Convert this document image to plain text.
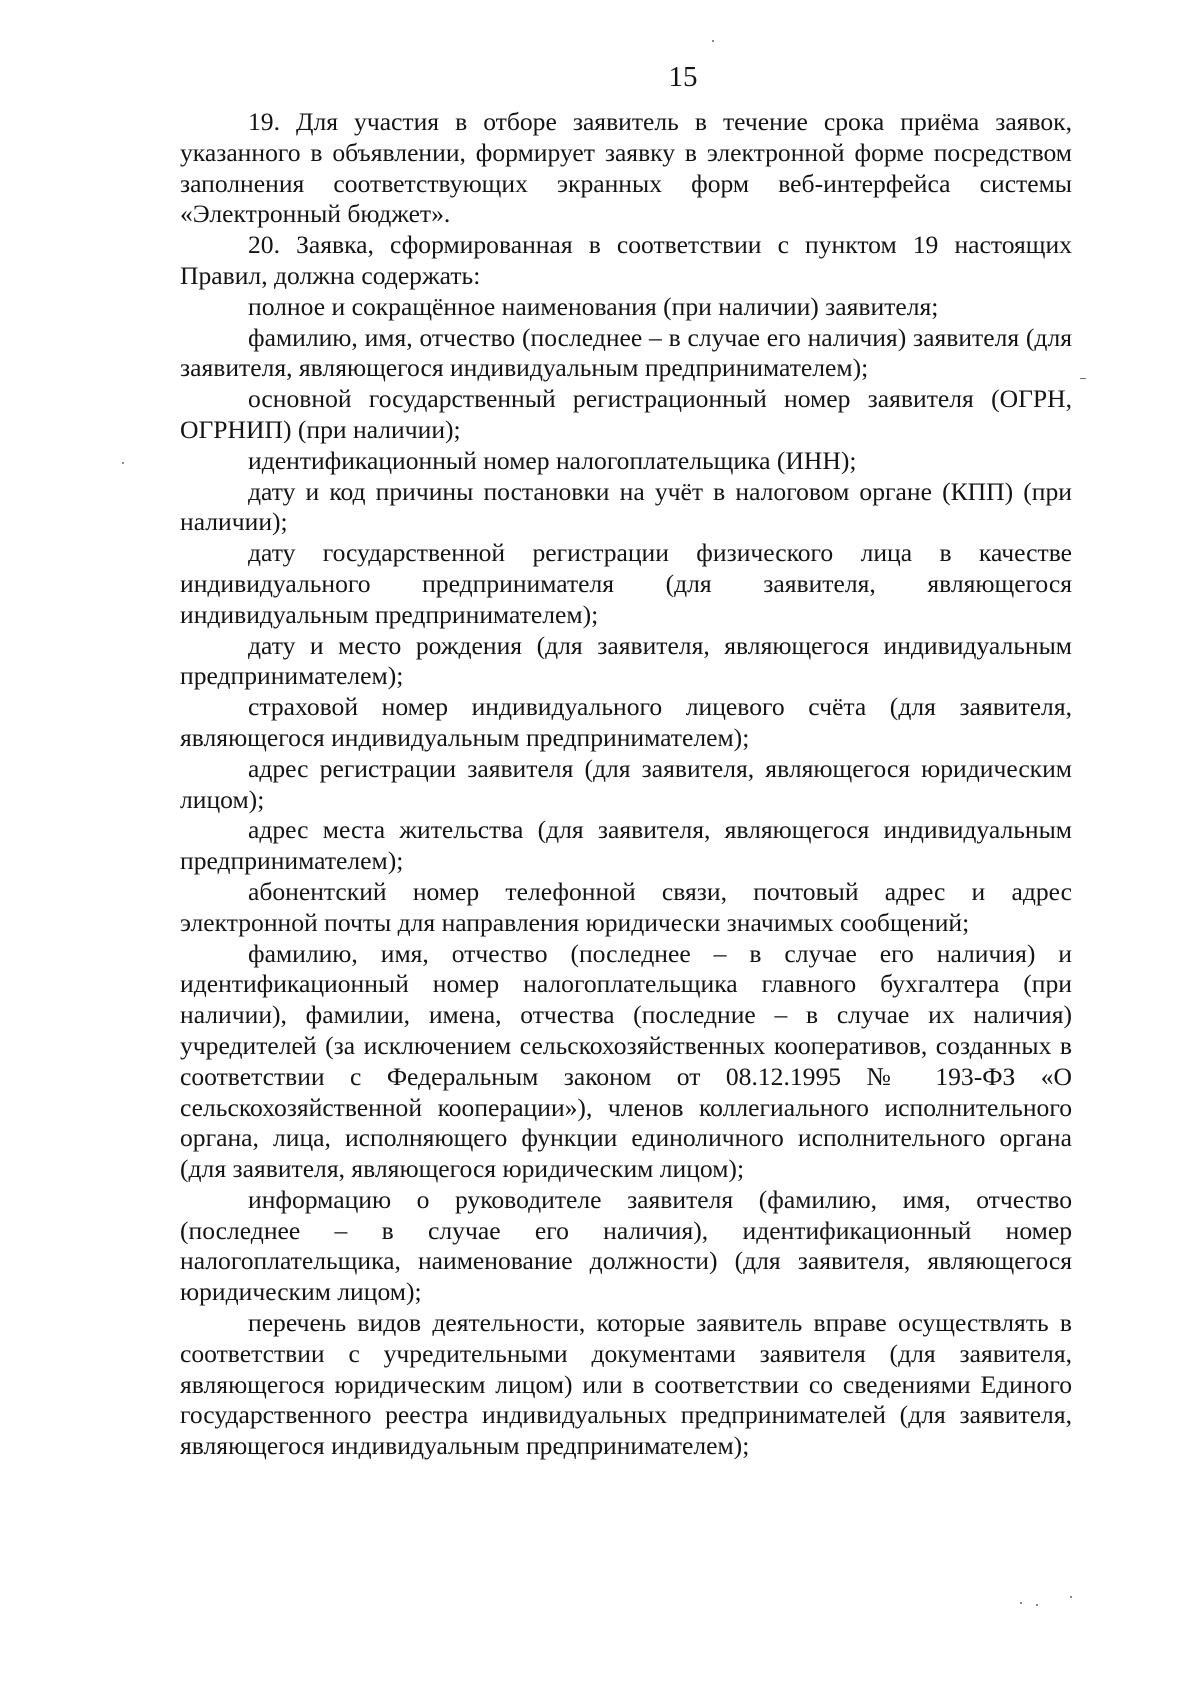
15

19. Для участия в отборе заявитель в течение срока приёма заявок, указанного в объявлении, формирует заявку в электронной форме посредством заполнения соответствующих экранных форм веб-интерфейса системы «Электронный бюджет».

20. Заявка, сформированная в соответствии с пунктом 19 настоящих Правил, должна содержать:

полное и сокращённое наименования (при наличии) заявителя;

фамилию, имя, отчество (последнее – в случае его наличия) заявителя (для заявителя, являющегося индивидуальным предпринимателем);

основной государственный регистрационный номер заявителя (ОГРН, ОГРНИП) (при наличии);

идентификационный номер налогоплательщика (ИНН);

дату и код причины постановки на учёт в налоговом органе (КПП) (при наличии);

дату государственной регистрации физического лица в качестве индивидуального предпринимателя (для заявителя, являющегося индивидуальным предпринимателем);

дату и место рождения (для заявителя, являющегося индивидуальным предпринимателем);

страховой номер индивидуального лицевого счёта (для заявителя, являющегося индивидуальным предпринимателем);

адрес регистрации заявителя (для заявителя, являющегося юридическим лицом);

адрес места жительства (для заявителя, являющегося индивидуальным предпринимателем);

абонентский номер телефонной связи, почтовый адрес и адрес электронной почты для направления юридически значимых сообщений;

фамилию, имя, отчество (последнее – в случае его наличия) и идентификационный номер налогоплательщика главного бухгалтера (при наличии), фамилии, имена, отчества (последние – в случае их наличия) учредителей (за исключением сельскохозяйственных кооперативов, созданных в соответствии с Федеральным законом от 08.12.1995 № 193-ФЗ «О сельскохозяйственной кооперации»), членов коллегиального исполнительного органа, лица, исполняющего функции единоличного исполнительного органа (для заявителя, являющегося юридическим лицом);

информацию о руководителе заявителя (фамилию, имя, отчество (последнее – в случае его наличия), идентификационный номер налогоплательщика, наименование должности) (для заявителя, являющегося юридическим лицом);

перечень видов деятельности, которые заявитель вправе осуществлять в соответствии с учредительными документами заявителя (для заявителя, являющегося юридическим лицом) или в соответствии со сведениями Единого государственного реестра индивидуальных предпринимателей (для заявителя, являющегося индивидуальным предпринимателем);
